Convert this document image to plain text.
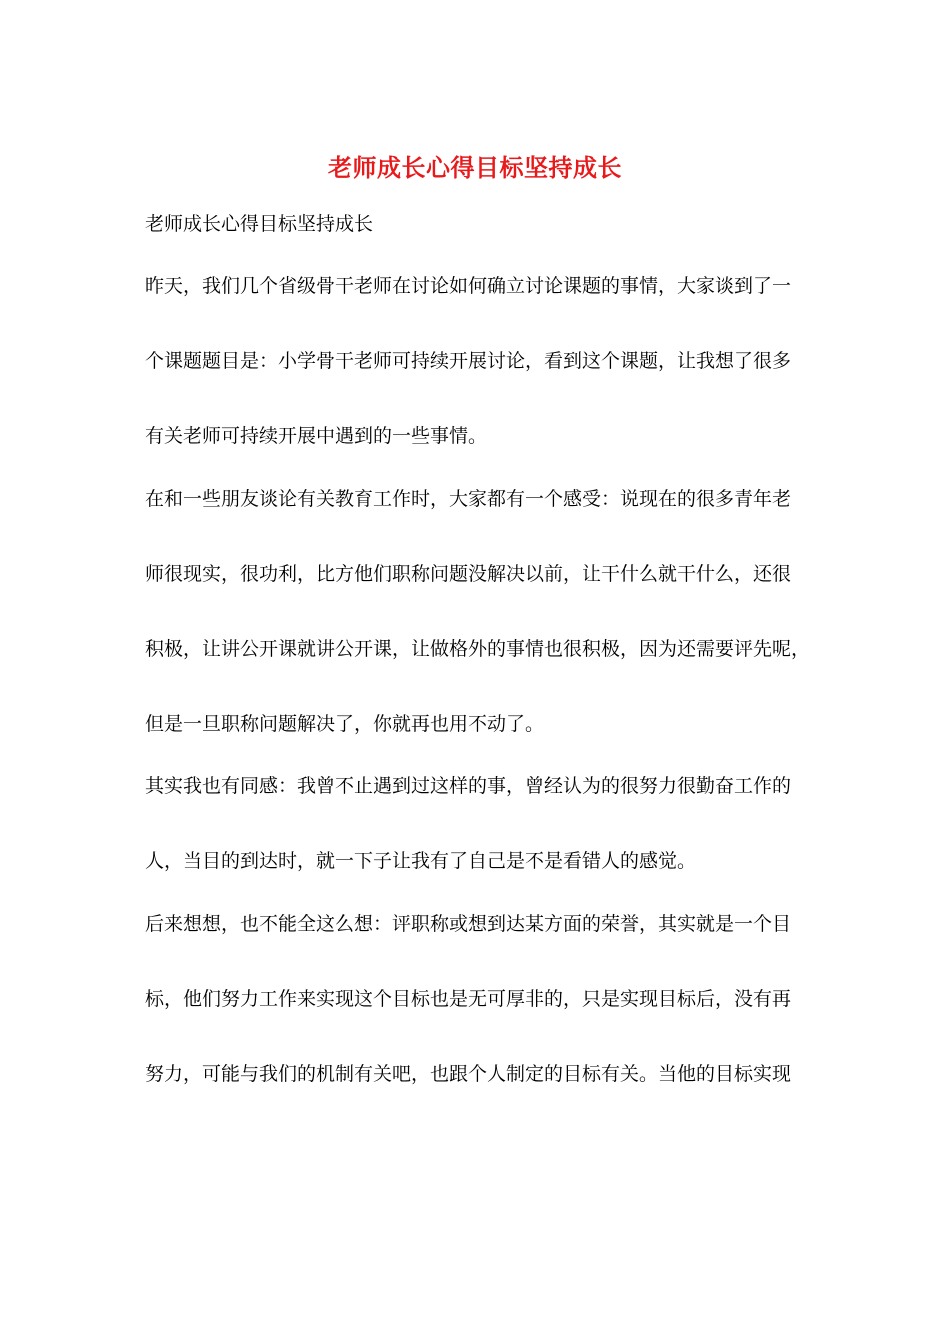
老师成长心得目标坚持成长
老师成长心得目标坚持成长
昨天，我们几个省级骨干老师在讨论如何确立讨论课题的事情，大家谈到了一
个课题题目是：小学骨干老师可持续开展讨论，看到这个课题，让我想了很多
有关老师可持续开展中遇到的一些事情。
在和一些朋友谈论有关教育工作时，大家都有一个感受：说现在的很多青年老
师很现实，很功利，比方他们职称问题没解决以前，让干什么就干什么，还很
积极，让讲公开课就讲公开课，让做格外的事情也很积极，因为还需要评先呢，
但是一旦职称问题解决了，你就再也用不动了。
其实我也有同感：我曾不止遇到过这样的事，曾经认为的很努力很勤奋工作的
人，当目的到达时，就一下子让我有了自己是不是看错人的感觉。
后来想想，也不能全这么想：评职称或想到达某方面的荣誉，其实就是一个目
标，他们努力工作来实现这个目标也是无可厚非的，只是实现目标后，没有再
努力，可能与我们的机制有关吧，也跟个人制定的目标有关。当他的目标实现
